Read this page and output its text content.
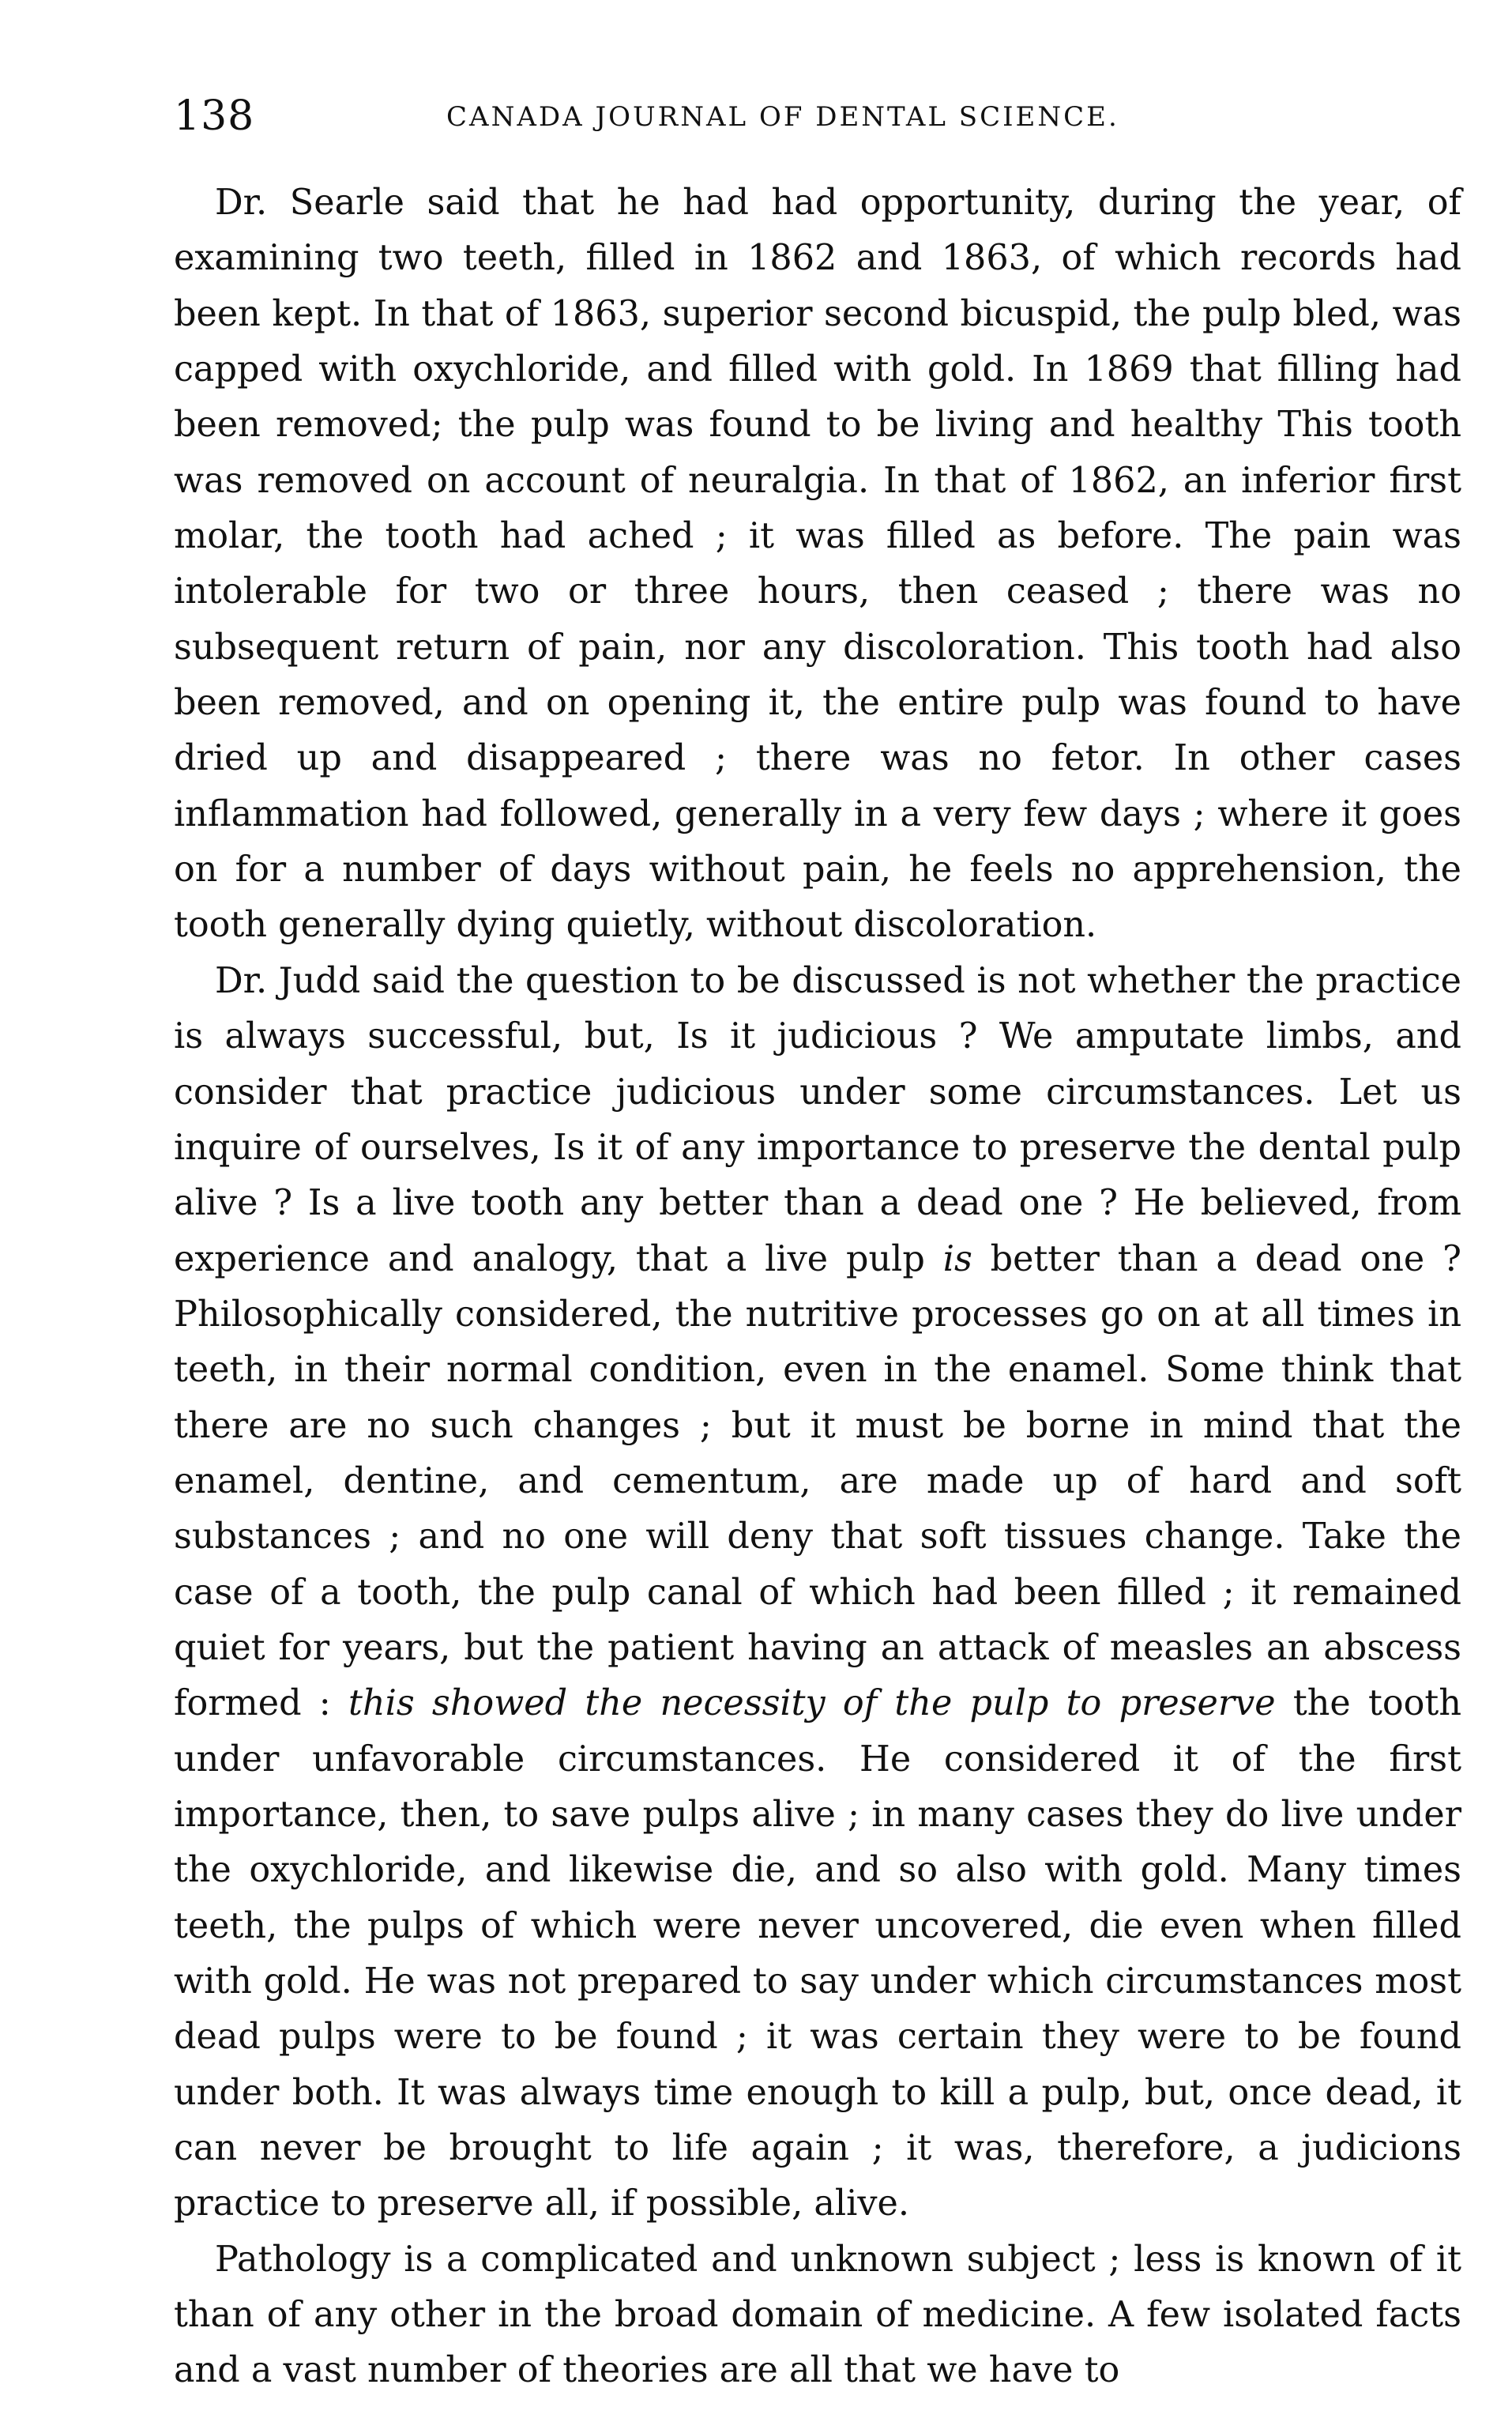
138	CANADA JOURNAL OF DENTAL SCIENCE.

Dr. Searle said that he had had opportunity, during the year, of examining two teeth, filled in 1862 and 1863, of which records had been kept. In that of 1863, superior second bicuspid, the pulp bled, was capped with oxychloride, and filled with gold. In 1869 that filling had been removed; the pulp was found to be living and healthy This tooth was removed on account of neuralgia. In that of 1862, an inferior first molar, the tooth had ached ; it was filled as before. The pain was intolerable for two or three hours, then ceased ; there was no subsequent return of pain, nor any discoloration. This tooth had also been removed, and on opening it, the entire pulp was found to have dried up and disappeared ; there was no fetor. In other cases inflammation had followed, generally in a very few days ; where it goes on for a number of days without pain, he feels no apprehension, the tooth generally dying quietly, without discoloration.

Dr. Judd said the question to be discussed is not whether the practice is always successful, but, Is it judicious ? We amputate limbs, and consider that practice judicious under some circumstances. Let us inquire of ourselves, Is it of any importance to preserve the dental pulp alive ? Is a live tooth any better than a dead one ? He believed, from experience and analogy, that a live pulp is better than a dead one ? Philosophically considered, the nutritive processes go on at all times in teeth, in their normal condition, even in the enamel. Some think that there are no such changes ; but it must be borne in mind that the enamel, dentine, and cementum, are made up of hard and soft substances ; and no one will deny that soft tissues change. Take the case of a tooth, the pulp canal of which had been filled ; it remained quiet for years, but the patient having an attack of measles an abscess formed : this showed the necessity of the pulp to preserve the tooth under unfavorable circumstances. He considered it of the first importance, then, to save pulps alive ; in many cases they do live under the oxychloride, and likewise die, and so also with gold. Many times teeth, the pulps of which were never uncovered, die even when filled with gold. He was not prepared to say under which circumstances most dead pulps were to be found ; it was certain they were to be found under both. It was always time enough to kill a pulp, but, once dead, it can never be brought to life again ; it was, therefore, a judicions practice to preserve all, if possible, alive.

Pathology is a complicated and unknown subject ; less is known of it than of any other in the broad domain of medicine. A few isolated facts and a vast number of theories are all that we have to
